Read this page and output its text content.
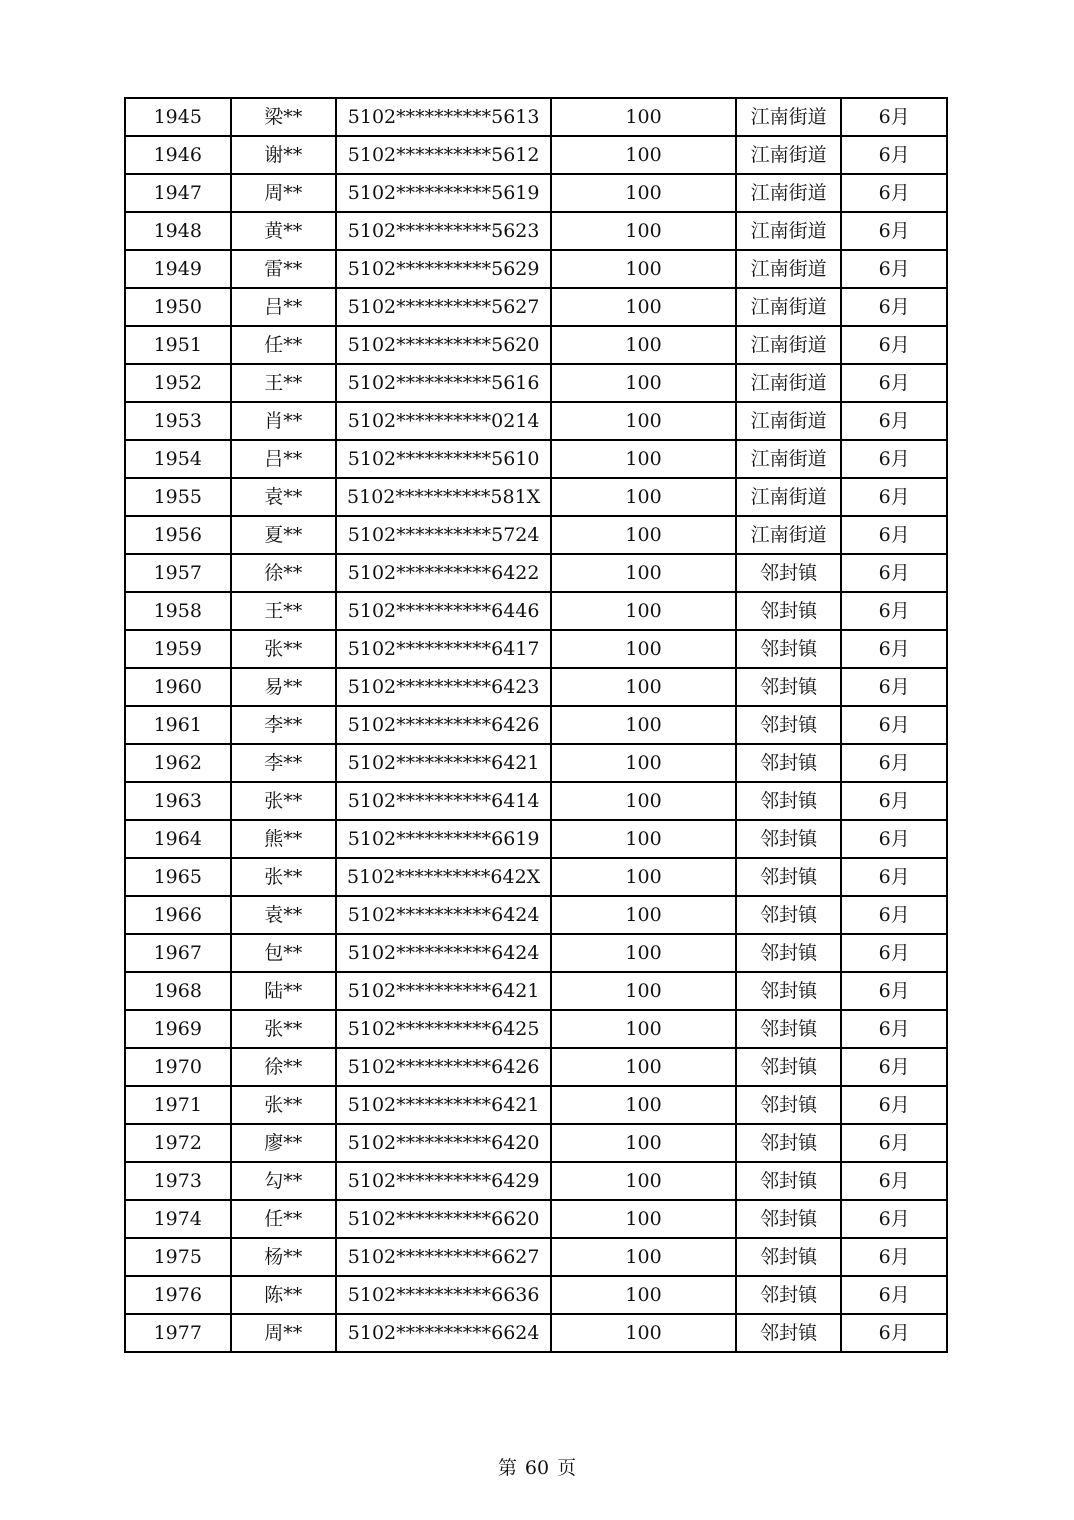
1945	梁**	5102**********5613	100	江南街道	6月
1946	谢**	5102**********5612	100	江南街道	6月
1947	周**	5102**********5619	100	江南街道	6月
1948	黄**	5102**********5623	100	江南街道	6月
1949	雷**	5102**********5629	100	江南街道	6月
1950	吕**	5102**********5627	100	江南街道	6月
1951	任**	5102**********5620	100	江南街道	6月
1952	王**	5102**********5616	100	江南街道	6月
1953	肖**	5102**********0214	100	江南街道	6月
1954	吕**	5102**********5610	100	江南街道	6月
1955	袁**	5102**********581X	100	江南街道	6月
1956	夏**	5102**********5724	100	江南街道	6月
1957	徐**	5102**********6422	100	邻封镇	6月
1958	王**	5102**********6446	100	邻封镇	6月
1959	张**	5102**********6417	100	邻封镇	6月
1960	易**	5102**********6423	100	邻封镇	6月
1961	李**	5102**********6426	100	邻封镇	6月
1962	李**	5102**********6421	100	邻封镇	6月
1963	张**	5102**********6414	100	邻封镇	6月
1964	熊**	5102**********6619	100	邻封镇	6月
1965	张**	5102**********642X	100	邻封镇	6月
1966	袁**	5102**********6424	100	邻封镇	6月
1967	包**	5102**********6424	100	邻封镇	6月
1968	陆**	5102**********6421	100	邻封镇	6月
1969	张**	5102**********6425	100	邻封镇	6月
1970	徐**	5102**********6426	100	邻封镇	6月
1971	张**	5102**********6421	100	邻封镇	6月
1972	廖**	5102**********6420	100	邻封镇	6月
1973	勾**	5102**********6429	100	邻封镇	6月
1974	任**	5102**********6620	100	邻封镇	6月
1975	杨**	5102**********6627	100	邻封镇	6月
1976	陈**	5102**********6636	100	邻封镇	6月
1977	周**	5102**********6624	100	邻封镇	6月
第 60 页
